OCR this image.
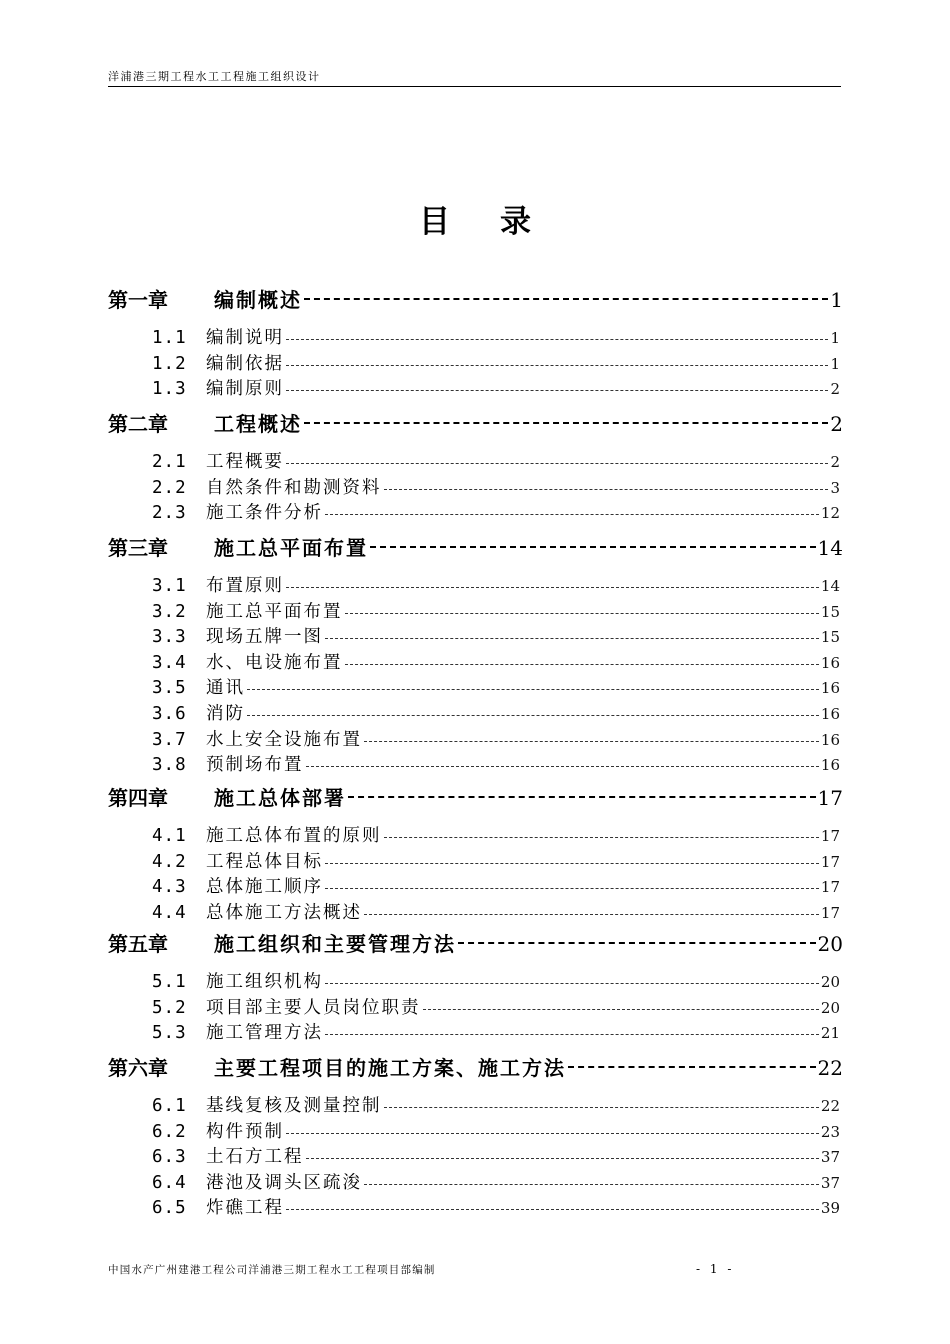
洋浦港三期工程水工工程施工组织设计
目录
第一章	编制概述	1
1.1	编制说明	1
1.2	编制依据	1
1.3	编制原则	2
第二章	工程概述	2
2.1	工程概要	2
2.2	自然条件和勘测资料	3
2.3	施工条件分析	12
第三章	施工总平面布置	14
3.1	布置原则	14
3.2	施工总平面布置	15
3.3	现场五牌一图	15
3.4	水、电设施布置	16
3.5	通讯	16
3.6	消防	16
3.7	水上安全设施布置	16
3.8	预制场布置	16
第四章	施工总体部署	17
4.1	施工总体布置的原则	17
4.2	工程总体目标	17
4.3	总体施工顺序	17
4.4	总体施工方法概述	17
第五章	施工组织和主要管理方法	20
5.1	施工组织机构	20
5.2	项目部主要人员岗位职责	20
5.3	施工管理方法	21
第六章	主要工程项目的施工方案、施工方法	22
6.1	基线复核及测量控制	22
6.2	构件预制	23
6.3	土石方工程	37
6.4	港池及调头区疏浚	37
6.5	炸礁工程	39
中国水产广州建港工程公司洋浦港三期工程水工工程项目部编制	- 1 -
